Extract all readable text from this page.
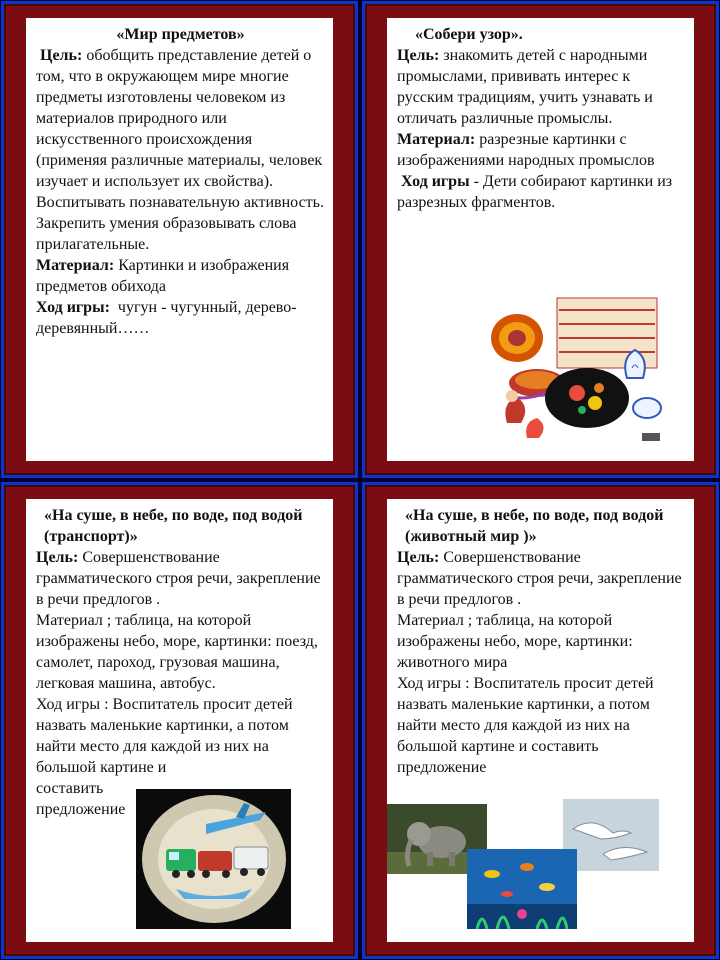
«Мир предметов»

Цель: обобщить представление детей о том, что в окружающем мире многие предметы изготовлены человеком из материалов природного или искусственного происхождения (применяя различные материалы, человек изучает и использует их свойства). Воспитывать познавательную активность. Закрепить умения образовывать слова прилагательные.

Материал: Картинки и изображения предметов обихода

Ход игры: чугун - чугунный, дерево- деревянный……

«Собери узор».

Цель: знакомить детей с народными промыслами, прививать интерес к русским традициям, учить узнавать и отличать различные промыслы.

Материал: разрезные картинки с изображениями народных промыслов

Ход игры - Дети собирают картинки из разрезных фрагментов.

«На суше, в небе, по воде, под водой (транспорт)»

Цель: Совершенствование грамматического строя речи, закрепление в речи предлогов .

Материал ; таблица, на которой изображены небо, море, картинки: поезд, самолет, пароход, грузовая машина, легковая машина, автобус.

Ход игры : Воспитатель просит детей назвать маленькие картинки, а потом найти место для каждой из них на большой картине и

составить

предложение

«На суше, в небе, по воде, под водой (животный мир )»

Цель: Совершенствование грамматического строя речи, закрепление в речи предлогов .

Материал ; таблица, на которой изображены небо, море, картинки: животного мира

Ход игры : Воспитатель просит детей назвать маленькие картинки, а потом найти место для каждой из них на большой картине и составить предложение
